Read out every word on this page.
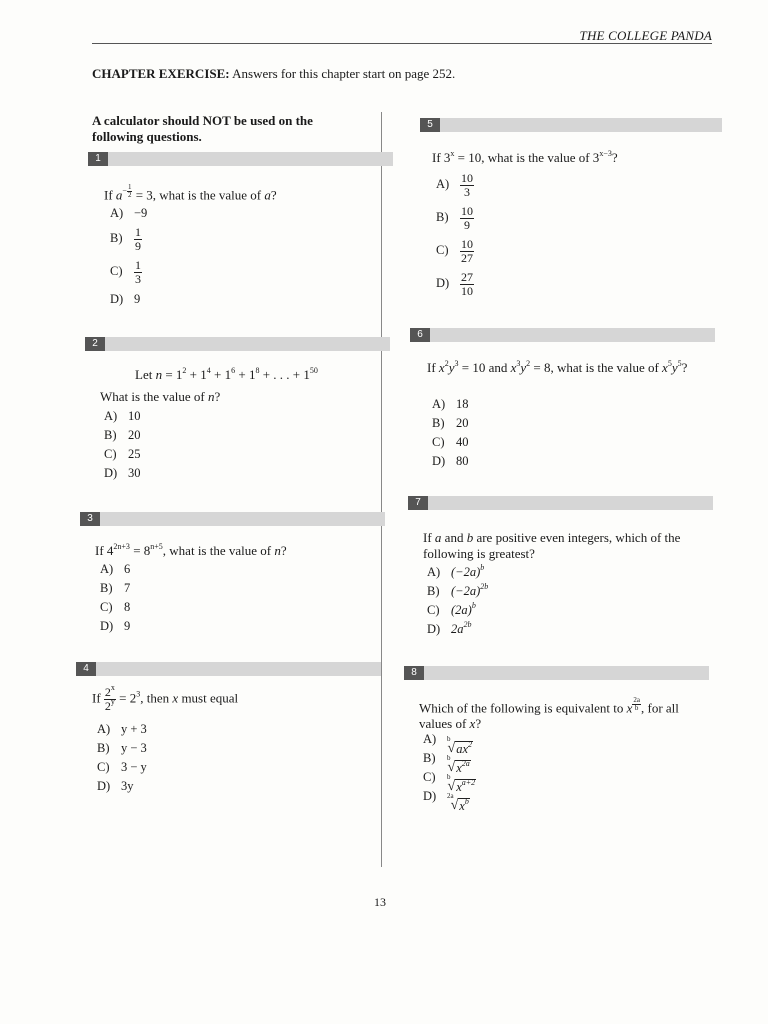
THE COLLEGE PANDA
CHAPTER EXERCISE: Answers for this chapter start on page 252.
A calculator should NOT be used on the following questions.
1
If $a^{- \frac{1}{2}} = 3$, what is the value of a?
A) −9
$B) \frac{1}{9}$
$C) \frac{1}{3}$
D) 9
2
Let $n = 1^2 + 1^4 + 1^6 + 1^8$ + . . . + $1^{50}$
What is the value of n?
A) 10
B) 20
C) 25
D) 30
3
If $4^{2n+3} = 8^{n+5}$, what is the value of n?
A) 6
B) 7
C) 8
D) 9
4
If $\frac{2^x}{2^y} = 2^3$, then x must equal
A) y + 3
B) y − 3
C) 3 − y
D) 3y
5
If $3^x = 10$, what is the value of $3^{x-3}$?
$A) \frac{10}{3}$
$B) \frac{10}{9}$
$C) \frac{10}{27}$
$D) \frac{27}{10}$
6
If $x^2y^3 = 10$ and $x^3y^2 = 8$, what is the value of $x^5y^5$?
A) 18
B) 20
C) 40
D) 80
7
If a and b are positive even integers, which of the following is greatest?
A) $(-2a)^b$
B) $(-2a)^{2b}$
C) $(2a)^b$
D) $2a^{2b}$
8
Which of the following is equivalent to x $^{\frac{2a}{b}}$ , for all values of x?
A) $^b$
√ $ax^2$
B) $^b$
√ $x^{2a}$
C) $^b$
√ $x^{a+2}$
D) $^{2a}$
√ $x^b$
13
